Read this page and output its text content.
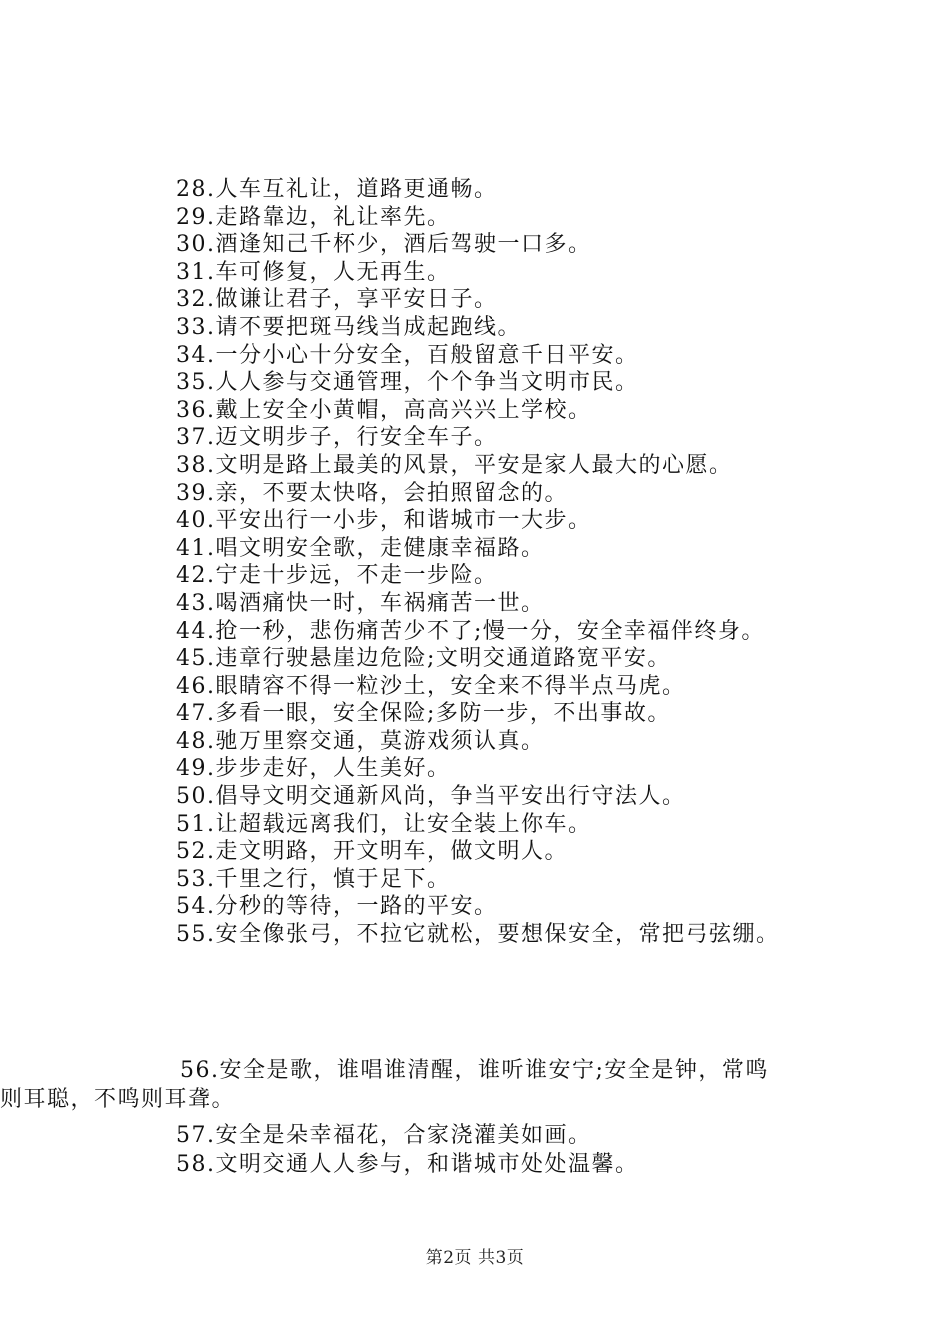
28.人车互礼让，道路更通畅。
29.走路靠边，礼让率先。
30.酒逢知己千杯少，酒后驾驶一口多。
31.车可修复，人无再生。
32.做谦让君子，享平安日子。
33.请不要把斑马线当成起跑线。
34.一分小心十分安全，百般留意千日平安。
35.人人参与交通管理，个个争当文明市民。
36.戴上安全小黄帽，高高兴兴上学校。
37.迈文明步子，行安全车子。
38.文明是路上最美的风景，平安是家人最大的心愿。
39.亲，不要太快咯，会拍照留念的。
40.平安出行一小步，和谐城市一大步。
41.唱文明安全歌，走健康幸福路。
42.宁走十步远，不走一步险。
43.喝酒痛快一时，车祸痛苦一世。
44.抢一秒，悲伤痛苦少不了;慢一分，安全幸福伴终身。
45.违章行驶悬崖边危险;文明交通道路宽平安。
46.眼睛容不得一粒沙土，安全来不得半点马虎。
47.多看一眼，安全保险;多防一步，不出事故。
48.驰万里察交通，莫游戏须认真。
49.步步走好，人生美好。
50.倡导文明交通新风尚，争当平安出行守法人。
51.让超载远离我们，让安全装上你车。
52.走文明路，开文明车，做文明人。
53.千里之行，慎于足下。
54.分秒的等待，一路的平安。
55.安全像张弓，不拉它就松，要想保安全，常把弓弦绷。
56.安全是歌，谁唱谁清醒，谁听谁安宁;安全是钟，常鸣
则耳聪，不鸣则耳聋。
57.安全是朵幸福花，合家浇灌美如画。
58.文明交通人人参与，和谐城市处处温馨。
第2页 共3页
